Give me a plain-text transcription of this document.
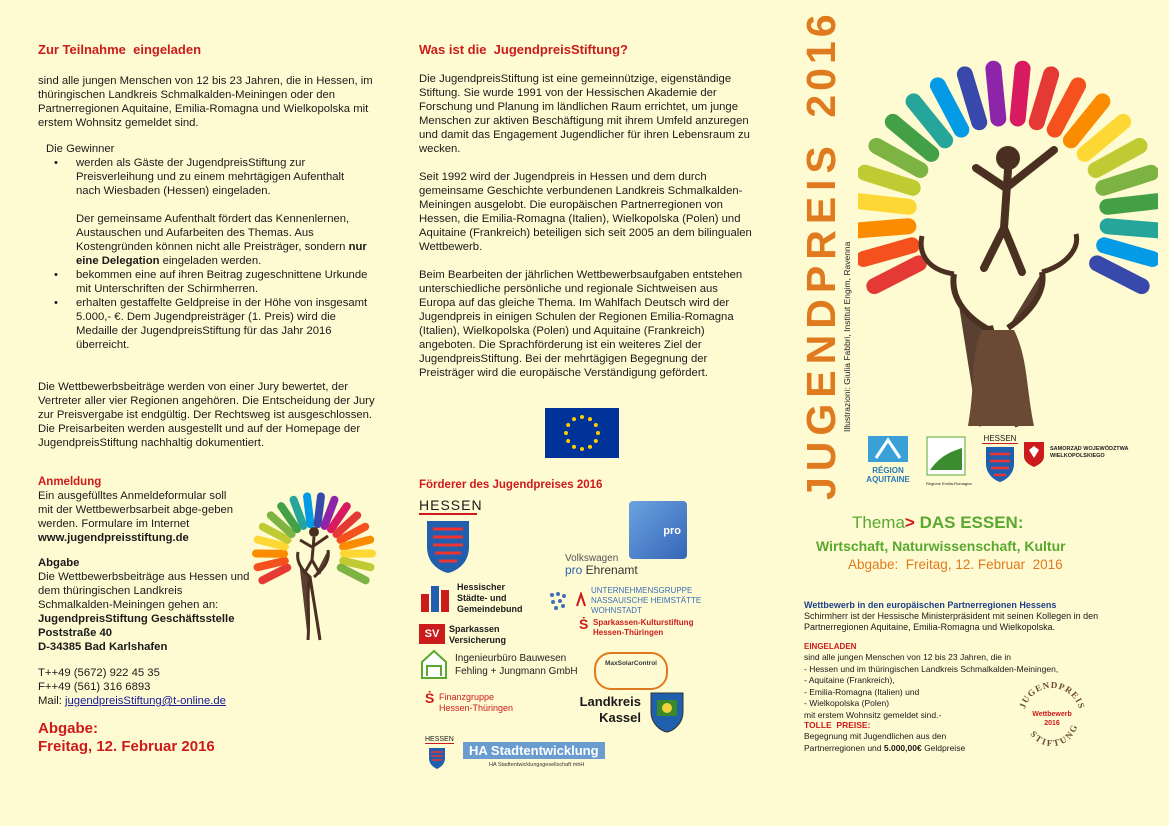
Zur Teilnahme  eingeladen

sind alle jungen Menschen von 12 bis 23 Jahren, die in Hessen, im thüringischen Landkreis Schmalkalden-Meiningen oder den Partnerregionen Aquitaine, Emilia-Romagna und Wielkopolska mit erstem Wohnsitz gemeldet sind.

Die Gewinner

• werden als Gäste der JugendpreisStiftung zur Preisverleihung und zu einem mehrtägigen Aufenthalt nach Wiesbaden (Hessen) eingeladen.
Der gemeinsame Aufenthalt fördert das Kennenlernen, Austauschen und Aufarbeiten des Themas. Aus Kostengründen können nicht alle Preisträger, sondern nur eine Delegation eingeladen werden.
• bekommen eine auf ihren Beitrag zugeschnittene Urkunde mit Unterschriften der Schirmherren.
• erhalten gestaffelte Geldpreise in der Höhe von insgesamt 5.000,- €. Dem Jugendpreisträger (1. Preis) wird die Medaille der JugendpreisStiftung für das Jahr 2016 überreicht.

Die Wettbewerbsbeiträge werden von einer Jury bewertet, der Vertreter aller vier Regionen angehören. Die Entscheidung der Jury zur Preisvergabe ist endgültig. Der Rechtsweg ist ausgeschlossen. Die Preisarbeiten werden ausgestellt und auf der Homepage der JugendpreisStiftung nachhaltig dokumentiert.

Anmeldung

Ein ausgefülltes Anmeldeformular soll mit der Wettbewerbsarbeit abge-geben werden. Formulare im Internet

www.jugendpreisstiftung.de

Abgabe

Die Wettbewerbsbeiträge aus Hessen und dem thüringischen Landkreis Schmalkalden-Meiningen gehen an:

JugendpreisStiftung Geschäftsstelle

Poststraße 40

D-34385 Bad Karlshafen

T++49 (5672) 922 45 35

F++49 (561) 316 6893

Mail: jugendpreisStiftung@t-online.de

Abgabe:
Freitag, 12. Februar 2016
Was ist die  JugendpreisStiftung?

Die JugendpreisStiftung ist eine gemeinnützige, eigenständige Stiftung. Sie wurde 1991 von der Hessischen Akademie der Forschung und Planung im ländlichen Raum errichtet, um junge Menschen zur aktiven Beschäftigung mit ihrem Umfeld anzuregen und damit das Engagement Jugendlicher für ihren Lebensraum zu wecken.

Seit 1992 wird der Jugendpreis in Hessen und dem durch gemeinsame Geschichte verbundenen Landkreis Schmalkalden-Meiningen ausgelobt. Die europäischen Partnerregionen von Hessen, die Emilia-Romagna (Italien), Wielkopolska (Polen) und Aquitaine (Frankreich) beteiligen sich seit 2005 an dem bilingualen Wettbewerb.

Beim Bearbeiten der jährlichen Wettbewerbsaufgaben entstehen unterschiedliche persönliche und regionale Sichtweisen aus Europa auf das gleiche Thema. Im Wahlfach Deutsch wird der Jugendpreis in einigen Schulen der Regionen Emilia-Romagna (Italien), Wielkopolska (Polen) und Aquitaine (Frankreich) angeboten. Die Sprachförderung ist ein weiteres Ziel der JugendpreisStiftung. Bei der mehrtägigen Begegnung der Preisträger wird die europäische Verständigung gefördert.

Förderer des Jugendpreises 2016
HESSEN
pro
Volkswagen
pro Ehrenamt
Hessischer
Städte- und
Gemeindebund
UNTERNEHMENSGRUPPE
NASSAUISCHE HEIMSTÄTTE
WOHNSTADT
SV	Sparkassen
Versicherung
Ṡ Sparkassen-Kulturstiftung
Hessen-Thüringen
Ingenieurbüro Bauwesen
Fehling + Jungmann GmbH
MaxSolarControl
Ṡ Finanzgruppe
Hessen-Thüringen	Landkreis
Kassel
HESSEN
HA Stadtentwicklung
HA Stadtentwicklungsgesellschaft mbH
JUGENDPREIS 2016
Illustrazioni: Giulia Fabbri, Institut Engim, Ravenna
RÉGION
AQUITAINE	Regione Emilia-Romagna
HESSEN
SAMORZĄD WOJEWÓDZTWA
WIELKOPOLSKIEGO
Thema> DAS ESSEN:
Wirtschaft, Naturwissenschaft, Kultur
Abgabe:  Freitag, 12. Februar  2016
Wettbewerb in den europäischen Partnerregionen Hessens

Schirmherr ist der Hessische Ministerpräsident mit seinen Kollegen in den Partnerregionen Aquitaine, Emilia-Romagna und Wielkopolska.

EINGELADEN
sind alle jungen Menschen von 12 bis 23 Jahren, die in
- Hessen und im thüringischen Landkreis Schmalkalden-Meiningen,
- Aquitaine (Frankreich),
- Emilia-Romagna (Italien) und
- Wielkopolska (Polen)
mit erstem Wohnsitz gemeldet sind.-
TOLLE  PREISE:
Begegnung mit Jugendlichen aus den
Partnerregionen und 5.000,00€ Geldpreise
JUGENDPREIS
STIFTUNG
Wettbewerb
2016
